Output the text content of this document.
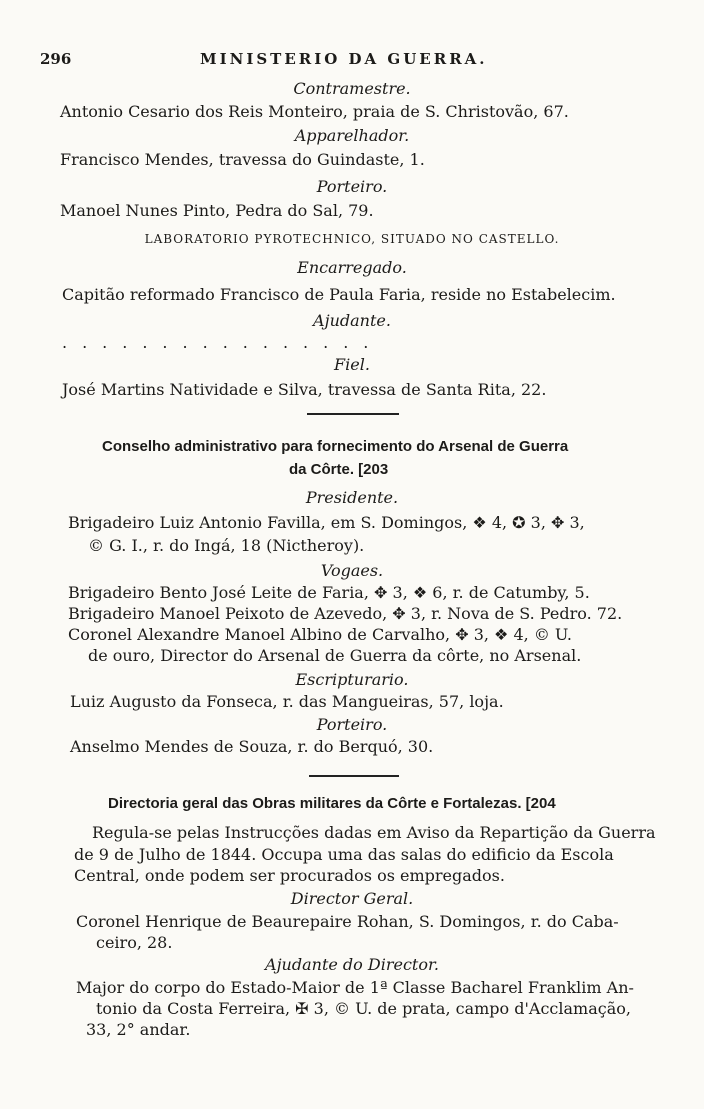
296	MINISTERIO DA GUERRA.
Contramestre.
Antonio Cesario dos Reis Monteiro, praia de S. Christovão, 67.
Apparelhador.
Francisco Mendes, travessa do Guindaste, 1.
Porteiro.
Manoel Nunes Pinto, Pedra do Sal, 79.
LABORATORIO PYROTECHNICO, SITUADO NO CASTELLO.
Encarregado.
Capitão reformado Francisco de Paula Faria, reside no Estabelecim.
Ajudante.
................
Fiel.
José Martins Natividade e Silva, travessa de Santa Rita, 22.
Conselho administrativo para fornecimento do Arsenal de Guerra
da Côrte. [203
Presidente.
Brigadeiro Luiz Antonio Favilla, em S. Domingos, ❖ 4, ✪ 3, ✥ 3,
© G. I., r. do Ingá, 18 (Nictheroy).
Vogaes.
Brigadeiro Bento José Leite de Faria, ✥ 3, ❖ 6, r. de Catumby, 5.
Brigadeiro Manoel Peixoto de Azevedo, ✥ 3, r. Nova de S. Pedro. 72.
Coronel Alexandre Manoel Albino de Carvalho, ✥ 3, ❖ 4, © U.
de ouro, Director do Arsenal de Guerra da côrte, no Arsenal.
Escripturario.
Luiz Augusto da Fonseca, r. das Mangueiras, 57, loja.
Porteiro.
Anselmo Mendes de Souza, r. do Berquó, 30.
Directoria geral das Obras militares da Côrte e Fortalezas. [204
Regula-se pelas Instrucções dadas em Aviso da Repartição da Guerra
de 9 de Julho de 1844. Occupa uma das salas do edificio da Escola
Central, onde podem ser procurados os empregados.
Director Geral.
Coronel Henrique de Beaurepaire Rohan, S. Domingos, r. do Caba-
ceiro, 28.
Ajudante do Director.
Major do corpo do Estado-Maior de 1ª Classe Bacharel Franklim An-
tonio da Costa Ferreira, ✠ 3, © U. de prata, campo d'Acclamação,
33, 2° andar.
